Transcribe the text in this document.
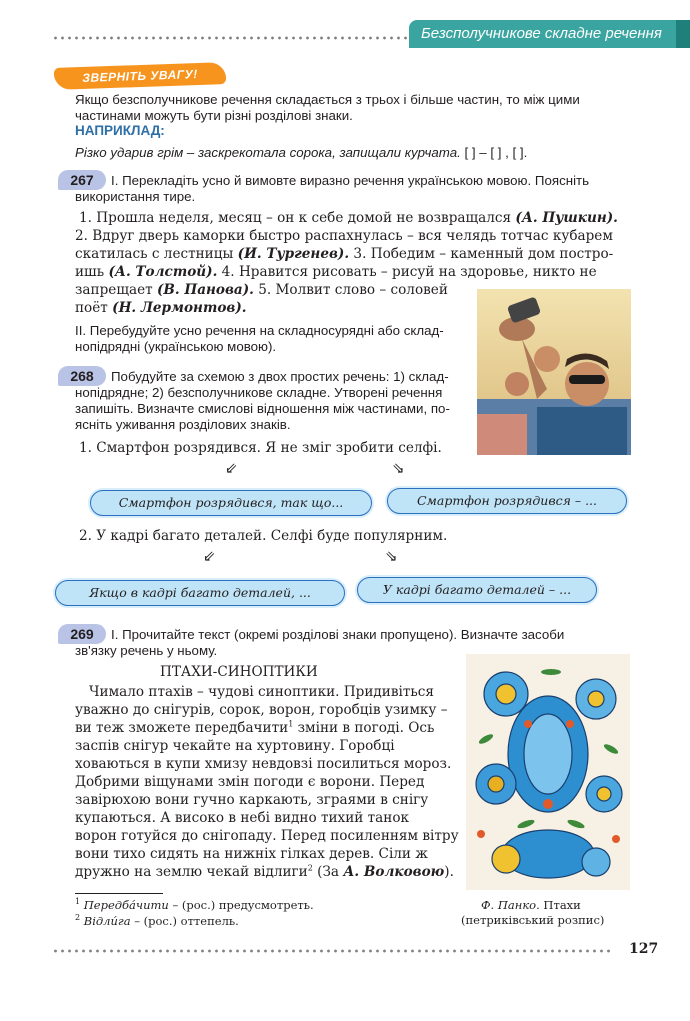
Безсполучникове складне речення
ЗВЕРНІТЬ УВАГУ!
Якщо безсполучникове речення складається з трьох і більше частин, то між цими
частинами можуть бути різні розділові знаки.
НАПРИКЛАД:
Різко ударив грім – заскрекотала сорока, запищали курчата. [ ] – [ ] , [ ].
267	І. Перекладіть усно й вимовте виразно речення українською мовою. Поясніть
використання тире.
1. Прошла неделя, месяц – он к себе домой не возвращался (А. Пушкин).
2. Вдруг дверь каморки быстро распахнулась – вся челядь тотчас кубарем
скатилась с лестницы (И. Тургенев). 3. Победим – каменный дом постро-
ишь (А. Толстой). 4. Нравится рисовать – рисуй на здоровье, никто не
запрещает (В. Панова). 5. Молвит слово – соловей
поёт (Н. Лермонтов).
ІІ. Перебудуйте усно речення на складносурядні або склад-
нопідрядні (українською мовою).
268	Побудуйте за схемою з двох простих речень: 1) склад-
нопідрядне; 2) безсполучникове складне. Утворені речення
запишіть. Визначте смислові відношення між частинами, по-
ясніть уживання розділових знаків.
1. Смартфон розрядився. Я не зміг зробити селфі.
⇙	⇘
Смартфон розрядився, так що...	Смартфон розрядився – ...
2. У кадрі багато деталей. Селфі буде популярним.
⇙	⇘
Якщо в кадрі багато деталей, ...	У кадрі багато деталей – ...
269	І. Прочитайте текст (окремі розділові знаки пропущено). Визначте засоби
зв'язку речень у ньому.
ПТАХИ-СИНОПТИКИ
Чимало птахів – чудові синоптики. Придивіться
уважно до снігурів, сорок, ворон, горобців узимку –
ви теж зможете передбачити$^1$ зміни в погоді. Ось
заспів снігур чекайте на хуртовину. Горобці
ховаються в купи хмизу невдовзі посилиться мороз.
Добрими віщунами змін погоди є ворони. Перед
завірюхою вони гучно каркають, зграями в снігу
купаються. А високо в небі видно тихий танок
ворон готуйся до снігопаду. Перед посиленням вітру
вони тихо сидять на нижніх гілках дерев. Сіли ж
дружно на землю чекай відлиги$^2$ (За А. Волковою).
Ф. Панко. Птахи
(петриківський розпис)
$^1$ Передба́чити – (рос.) предусмотреть.
$^2$ Відли́га – (рос.) оттепель.
127
